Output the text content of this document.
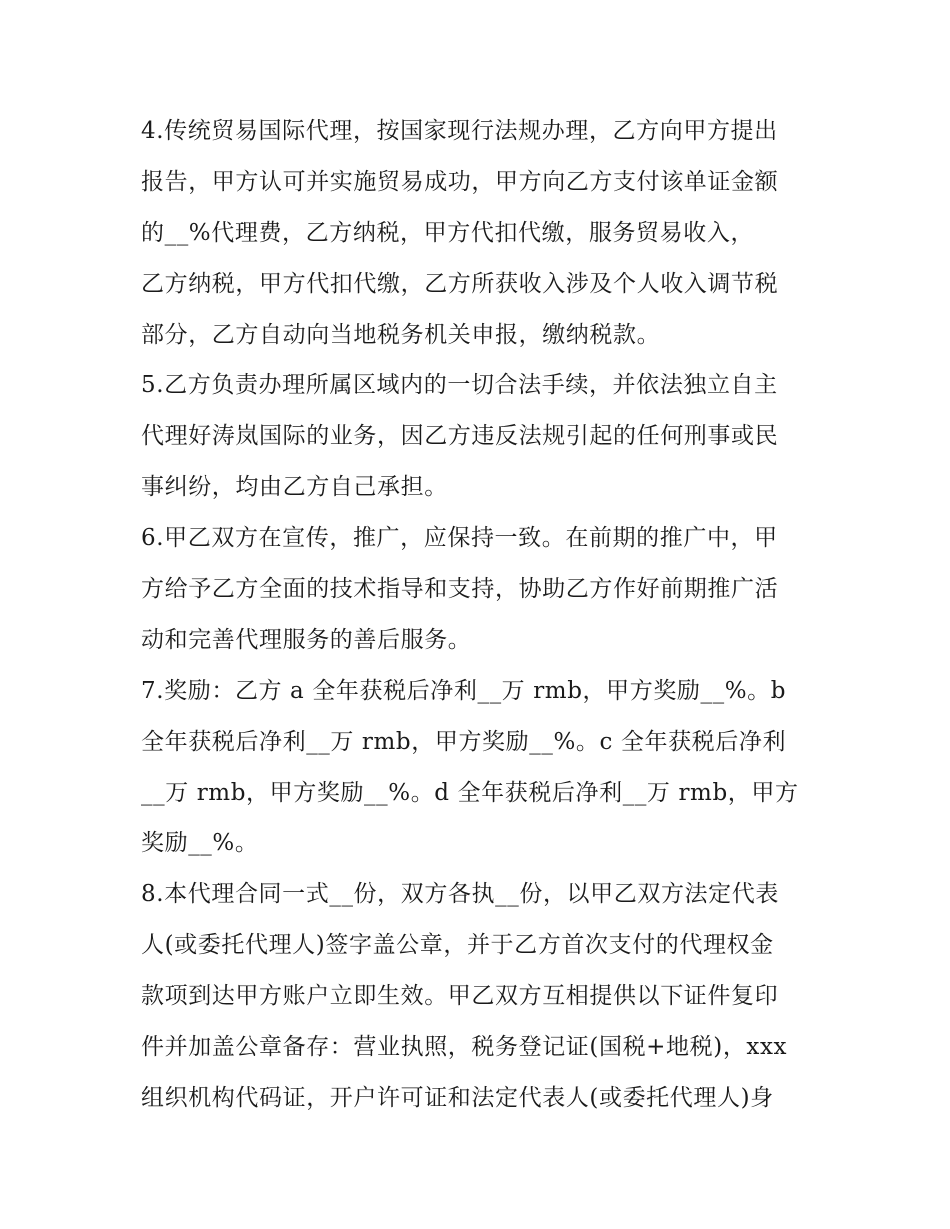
4.传统贸易国际代理，按国家现行法规办理，乙方向甲方提出
报告，甲方认可并实施贸易成功，甲方向乙方支付该单证金额
的__%代理费，乙方纳税，甲方代扣代缴，服务贸易收入，
乙方纳税，甲方代扣代缴，乙方所获收入涉及个人收入调节税
部分，乙方自动向当地税务机关申报，缴纳税款。
5.乙方负责办理所属区域内的一切合法手续，并依法独立自主
代理好涛岚国际的业务，因乙方违反法规引起的任何刑事或民
事纠纷，均由乙方自己承担。
6.甲乙双方在宣传，推广，应保持一致。在前期的推广中，甲
方给予乙方全面的技术指导和支持，协助乙方作好前期推广活
动和完善代理服务的善后服务。
7.奖励：乙方 a 全年获税后净利__万 rmb，甲方奖励__%。b
全年获税后净利__万 rmb，甲方奖励__%。c 全年获税后净利
__万 rmb，甲方奖励__%。d 全年获税后净利__万 rmb，甲方
奖励__%。
8.本代理合同一式__份，双方各执__份，以甲乙双方法定代表
人(或委托代理人)签字盖公章，并于乙方首次支付的代理权金
款项到达甲方账户立即生效。甲乙双方互相提供以下证件复印
件并加盖公章备存：营业执照，税务登记证(国税+地税)，xxx
组织机构代码证，开户许可证和法定代表人(或委托代理人)身
